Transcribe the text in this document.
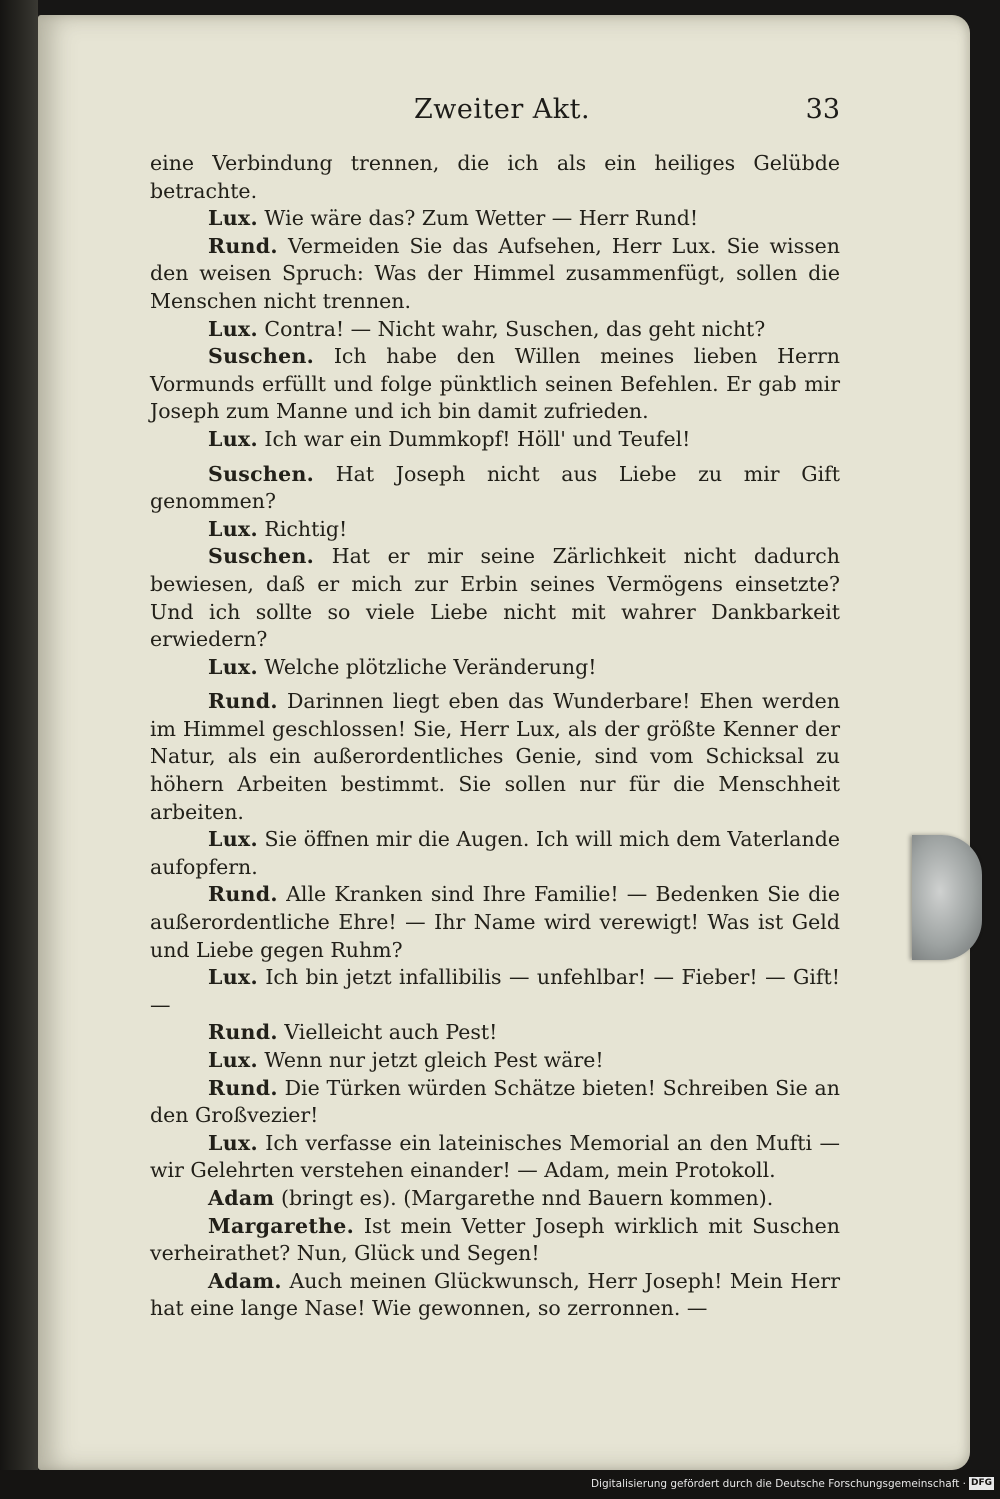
Zweiter Akt.	33

eine Verbindung trennen, die ich als ein heiliges Gelübde betrachte.

Lux. Wie wäre das? Zum Wetter — Herr Rund!

Rund. Vermeiden Sie das Aufsehen, Herr Lux. Sie wissen den weisen Spruch: Was der Himmel zusammenfügt, sollen die Menschen nicht trennen.

Lux. Contra! — Nicht wahr, Suschen, das geht nicht?

Suschen. Ich habe den Willen meines lieben Herrn Vormunds erfüllt und folge pünktlich seinen Befehlen. Er gab mir Joseph zum Manne und ich bin damit zufrieden.

Lux. Ich war ein Dummkopf! Höll' und Teufel!

Suschen. Hat Joseph nicht aus Liebe zu mir Gift genommen?

Lux. Richtig!

Suschen. Hat er mir seine Zärlichkeit nicht dadurch bewiesen, daß er mich zur Erbin seines Vermögens einsetzte? Und ich sollte so viele Liebe nicht mit wahrer Dankbarkeit erwiedern?

Lux. Welche plötzliche Veränderung!

Rund. Darinnen liegt eben das Wunderbare! Ehen werden im Himmel geschlossen! Sie, Herr Lux, als der größte Kenner der Natur, als ein außerordentliches Genie, sind vom Schicksal zu höhern Arbeiten bestimmt. Sie sollen nur für die Menschheit arbeiten.

Lux. Sie öffnen mir die Augen. Ich will mich dem Vaterlande aufopfern.

Rund. Alle Kranken sind Ihre Familie! — Bedenken Sie die außerordentliche Ehre! — Ihr Name wird verewigt! Was ist Geld und Liebe gegen Ruhm?

Lux. Ich bin jetzt infallibilis — unfehlbar! — Fieber! — Gift! —

Rund. Vielleicht auch Pest!

Lux. Wenn nur jetzt gleich Pest wäre!

Rund. Die Türken würden Schätze bieten! Schreiben Sie an den Großvezier!

Lux. Ich verfasse ein lateinisches Memorial an den Mufti — wir Gelehrten verstehen einander! — Adam, mein Protokoll.

Adam (bringt es). (Margarethe nnd Bauern kommen).

Margarethe. Ist mein Vetter Joseph wirklich mit Suschen verheirathet? Nun, Glück und Segen!

Adam. Auch meinen Glückwunsch, Herr Joseph! Mein Herr hat eine lange Nase! Wie gewonnen, so zerronnen. —

Digitalisierung gefördert durch die Deutsche Forschungsgemeinschaft · DFG
